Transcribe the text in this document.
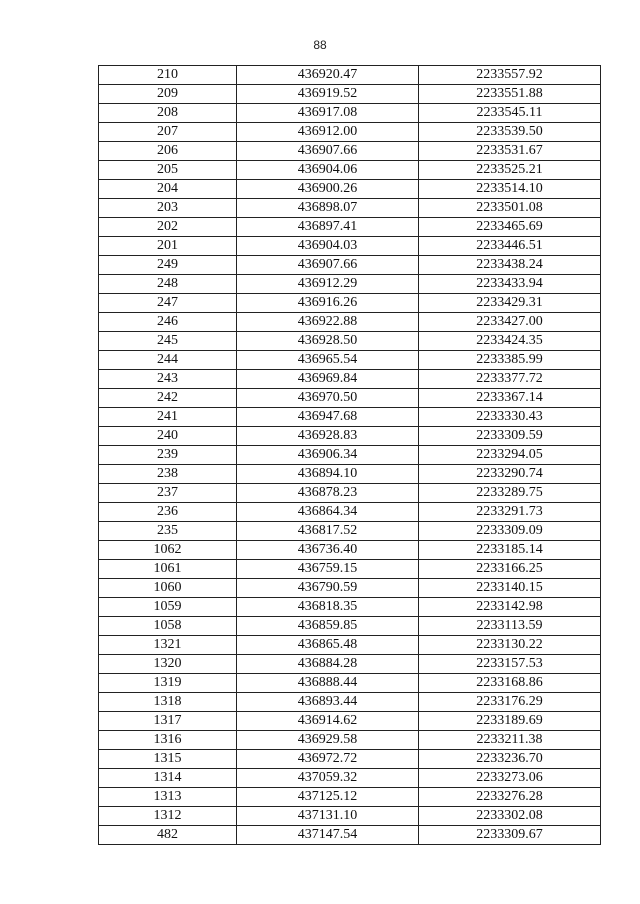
88
210	436920.47	2233557.92
209	436919.52	2233551.88
208	436917.08	2233545.11
207	436912.00	2233539.50
206	436907.66	2233531.67
205	436904.06	2233525.21
204	436900.26	2233514.10
203	436898.07	2233501.08
202	436897.41	2233465.69
201	436904.03	2233446.51
249	436907.66	2233438.24
248	436912.29	2233433.94
247	436916.26	2233429.31
246	436922.88	2233427.00
245	436928.50	2233424.35
244	436965.54	2233385.99
243	436969.84	2233377.72
242	436970.50	2233367.14
241	436947.68	2233330.43
240	436928.83	2233309.59
239	436906.34	2233294.05
238	436894.10	2233290.74
237	436878.23	2233289.75
236	436864.34	2233291.73
235	436817.52	2233309.09
1062	436736.40	2233185.14
1061	436759.15	2233166.25
1060	436790.59	2233140.15
1059	436818.35	2233142.98
1058	436859.85	2233113.59
1321	436865.48	2233130.22
1320	436884.28	2233157.53
1319	436888.44	2233168.86
1318	436893.44	2233176.29
1317	436914.62	2233189.69
1316	436929.58	2233211.38
1315	436972.72	2233236.70
1314	437059.32	2233273.06
1313	437125.12	2233276.28
1312	437131.10	2233302.08
482	437147.54	2233309.67
